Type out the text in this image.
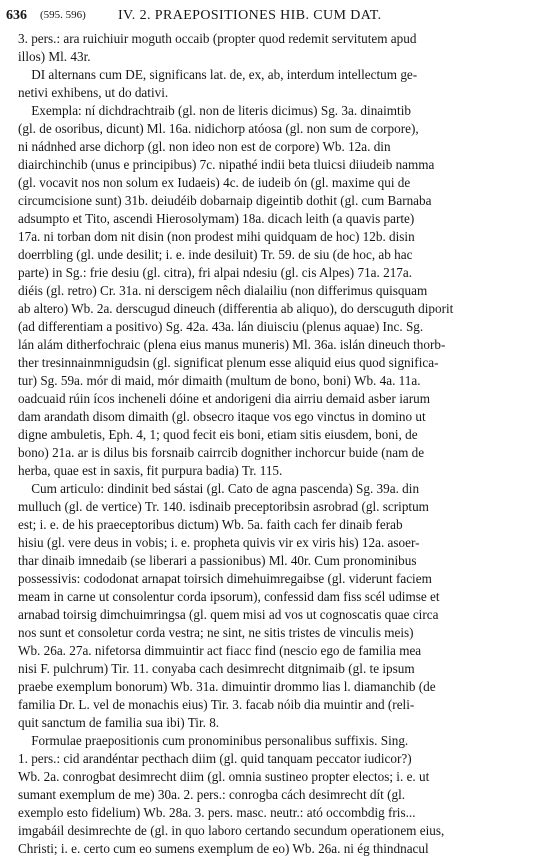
636 (595. 596) IV. 2. PRAEPOSITIONES HIB. CUM DAT.
3. pers.: ara ruichiuir moguth occaib (propter quod redemit servitutem apud
illos) Ml. 43r.
DI alternans cum DE, significans lat. de, ex, ab, interdum intellectum ge-
netivi exhibens, ut do dativi.
Exempla: ní dichdrachtraib (gl. non de literis dicimus) Sg. 3a. dinaimtib
(gl. de osoribus, dicunt) Ml. 16a. nidichorp atóosa (gl. non sum de corpore),
ni nádnhed arse dichorp (gl. non ideo non est de corpore) Wb. 12a. din
diairchinchib (unus e principibus) 7c. nipathé indii beta tluicsi diiudeib namma
(gl. vocavit nos non solum ex Iudaeis) 4c. de iudeib ón (gl. maxime qui de
circumcisione sunt) 31b. deiudéib dobarnaip digeintib dothit (gl. cum Barnaba
adsumpto et Tito, ascendi Hierosolymam) 18a. dicach leith (a quavis parte)
17a. ni torban dom nit disin (non prodest mihi quidquam de hoc) 12b. disin
doerrbling (gl. unde desilit; i. e. inde desiluit) Tr. 59. de siu (de hoc, ab hac
parte) in Sg.: frie desiu (gl. citra), fri alpai ndesiu (gl. cis Alpes) 71a. 217a.
diéis (gl. retro) Cr. 31a. ni derscigem nêch dialailiu (non differimus quisquam
ab altero) Wb. 2a. derscugud dineuch (differentia ab aliquo), do derscuguth diporit
(ad differentiam a positivo) Sg. 42a. 43a. lán diuisciu (plenus aquae) Inc. Sg.
lán alám ditherfochraic (plena eius manus muneris) Ml. 36a. islán dineuch thorb-
ther tresinnainmnigudsin (gl. significat plenum esse aliquid eius quod significa-
tur) Sg. 59a. mór di maid, mór dimaith (multum de bono, boni) Wb. 4a. 11a.
oadcuaid rúin ícos incheneli dóine et andorigeni dia airriu demaid asber iarum
dam arandath disom dimaith (gl. obsecro itaque vos ego vinctus in domino ut
digne ambuletis, Eph. 4, 1; quod fecit eis boni, etiam sitis eiusdem, boni, de
bono) 21a. ar is dilus bis forsnaib cairrcib dognither inchorcur buide (nam de
herba, quae est in saxis, fit purpura badia) Tr. 115.
Cum articulo: dindinit bed sástai (gl. Cato de agna pascenda) Sg. 39a. din
mulluch (gl. de vertice) Tr. 140. isdinaib preceptoribsin asrobrad (gl. scriptum
est; i. e. de his praeceptoribus dictum) Wb. 5a. faith cach fer dinaib ferab
hisiu (gl. vere deus in vobis; i. e. propheta quivis vir ex viris his) 12a. asoer-
thar dinaib imnedaib (se liberari a passionibus) Ml. 40r. Cum pronominibus
possessivis: cododonat arnapat toirsich dimehuimregaibse (gl. viderunt faciem
meam in carne ut consolentur corda ipsorum), confessid dam fiss scél udimse et
arnabad toirsig dimchuimringsa (gl. quem misi ad vos ut cognoscatis quae circa
nos sunt et consoletur corda vestra; ne sint, ne sitis tristes de vinculis meis)
Wb. 26a. 27a. nifetorsa dimmuintir act fiacc find (nescio ego de familia mea
nisi F. pulchrum) Tir. 11. conyaba cach desimrecht ditgnimaib (gl. te ipsum
praebe exemplum bonorum) Wb. 31a. dimuintir drommo lias l. diamanchib (de
familia Dr. L. vel de monachis eius) Tir. 3. facab nóib dia muintir and (reli-
quit sanctum de familia sua ibi) Tir. 8.
Formulae praepositionis cum pronominibus personalibus suffixis. Sing.
1. pers.: cid arandéntar pecthach diim (gl. quid tanquam peccator iudicor?)
Wb. 2a. conrogbat desimrecht diim (gl. omnia sustineo propter electos; i. e. ut
sumant exemplum de me) 30a. 2. pers.: conrogba cách desimrecht dít (gl.
exemplo esto fidelium) Wb. 28a. 3. pers. masc. neutr.: ató occombdig fris...
imgabáil desimrechte de (gl. in quo laboro certando secundum operationem eius,
Christi; i. e. certo cum eo sumens exemplum de eo) Wb. 26a. ni ég thindnacul
